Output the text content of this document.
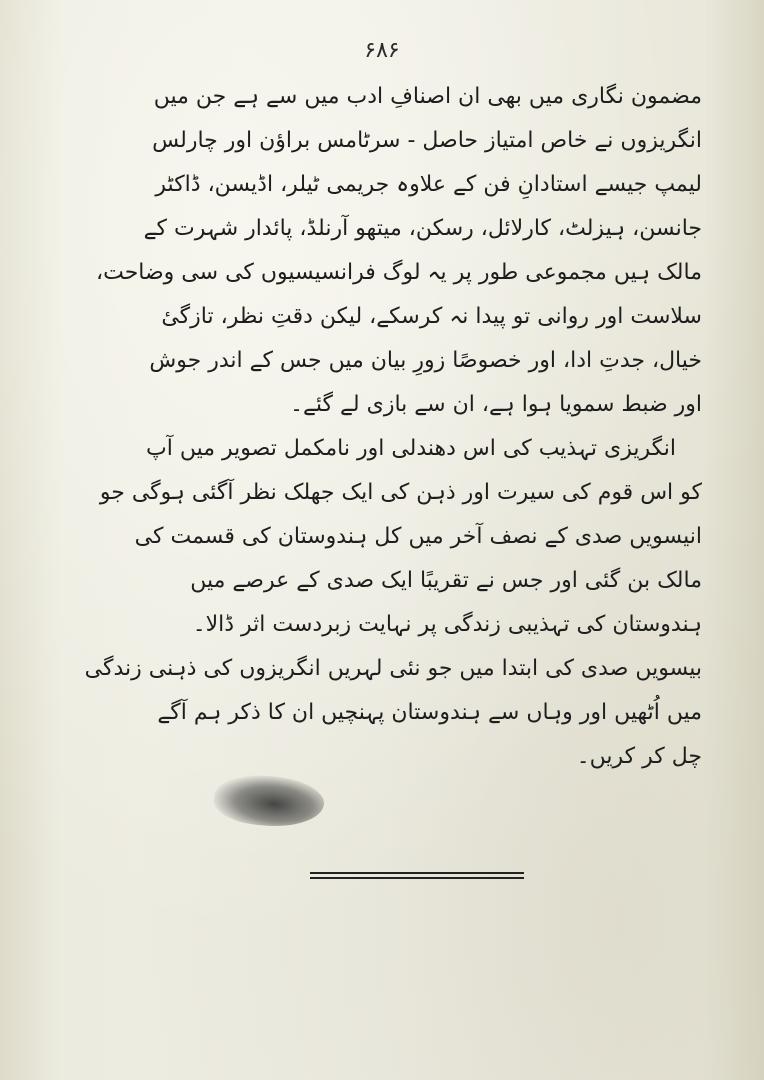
۶۸۶
مضمون نگاری میں بھی ان اصنافِ ادب میں سے ہے جن میں
انگریزوں نے خاص امتیاز حاصل - سرٹامس براؤن اور چارلس
لیمپ جیسے استادانِ فن کے علاوہ جریمی ٹیلر، اڈیسن، ڈاکٹر
جانسن، ہیزلٹ، کارلائل، رسکن، میتھو آرنلڈ، پائدار شہرت کے
مالک ہیں مجموعی طور پر یہ لوگ فرانسیسیوں کی سی وضاحت،
سلاست اور روانی تو پیدا نہ کرسکے، لیکن دقتِ نظر، تازگیٔ
خیال، جدتِ ادا، اور خصوصًا زورِ بیان میں جس کے اندر جوش
اور ضبط سمویا ہوا ہے، ان سے بازی لے گئے۔
انگریزی تہذیب کی اس دھندلی اور نامکمل تصویر میں آپ
کو اس قوم کی سیرت اور ذہن کی ایک جھلک نظر آگئی ہوگی جو
انیسویں صدی کے نصف آخر میں کل ہندوستان کی قسمت کی
مالک بن گئی اور جس نے تقریبًا ایک صدی کے عرصے میں
ہندوستان کی تہذیبی زندگی پر نہایت زبردست اثر ڈالا۔
بیسویں صدی کی ابتدا میں جو نئی لہریں انگریزوں کی ذہنی زندگی
میں اُٹھیں اور وہاں سے ہندوستان پہنچیں ان کا ذکر ہم آگے
چل کر کریں۔
